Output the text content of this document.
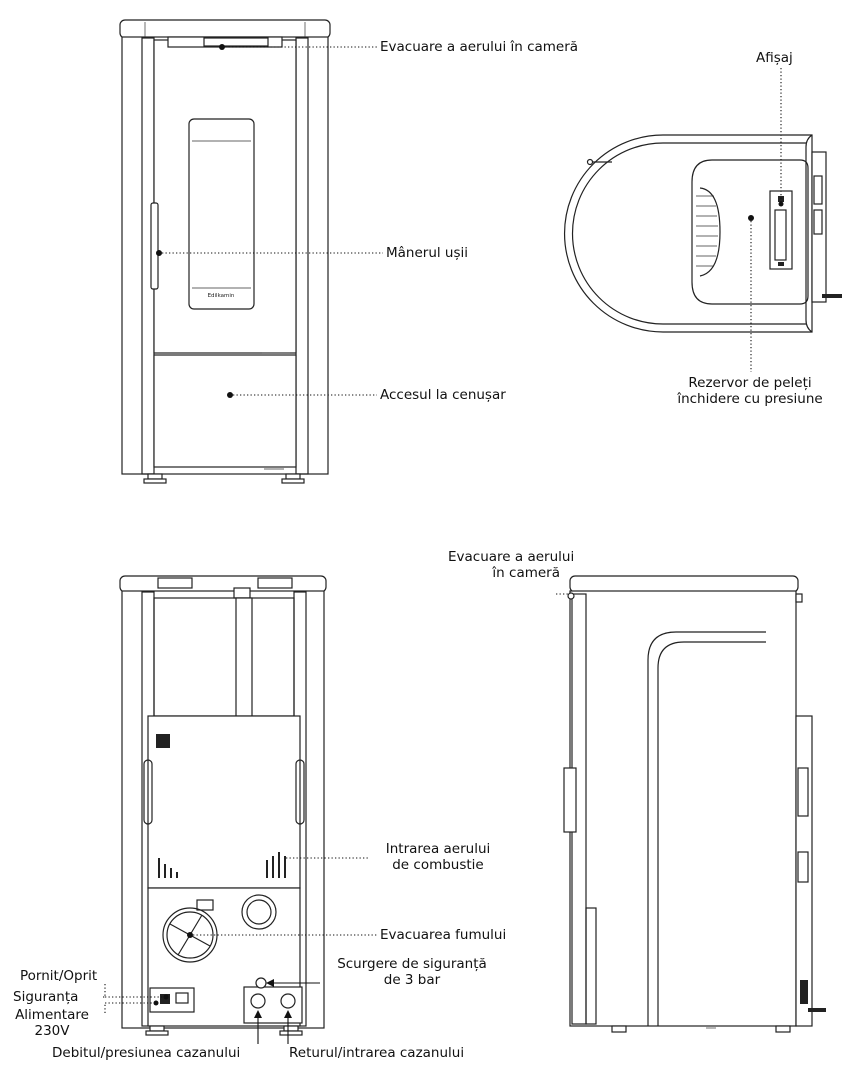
Edilkamin
Evacuare a aerului în cameră
Mânerul ușii
Accesul la cenușar
Afișaj
Rezervor de peleți
închidere cu presiune
Intrarea aerului
de combustie
Evacuarea fumului
Scurgere de siguranță
de 3 bar
Pornit/Oprit
Siguranța
Alimentare
230V
Debitul/presiunea cazanului	Returul/intrarea cazanului
Evacuare a aerului
în cameră
